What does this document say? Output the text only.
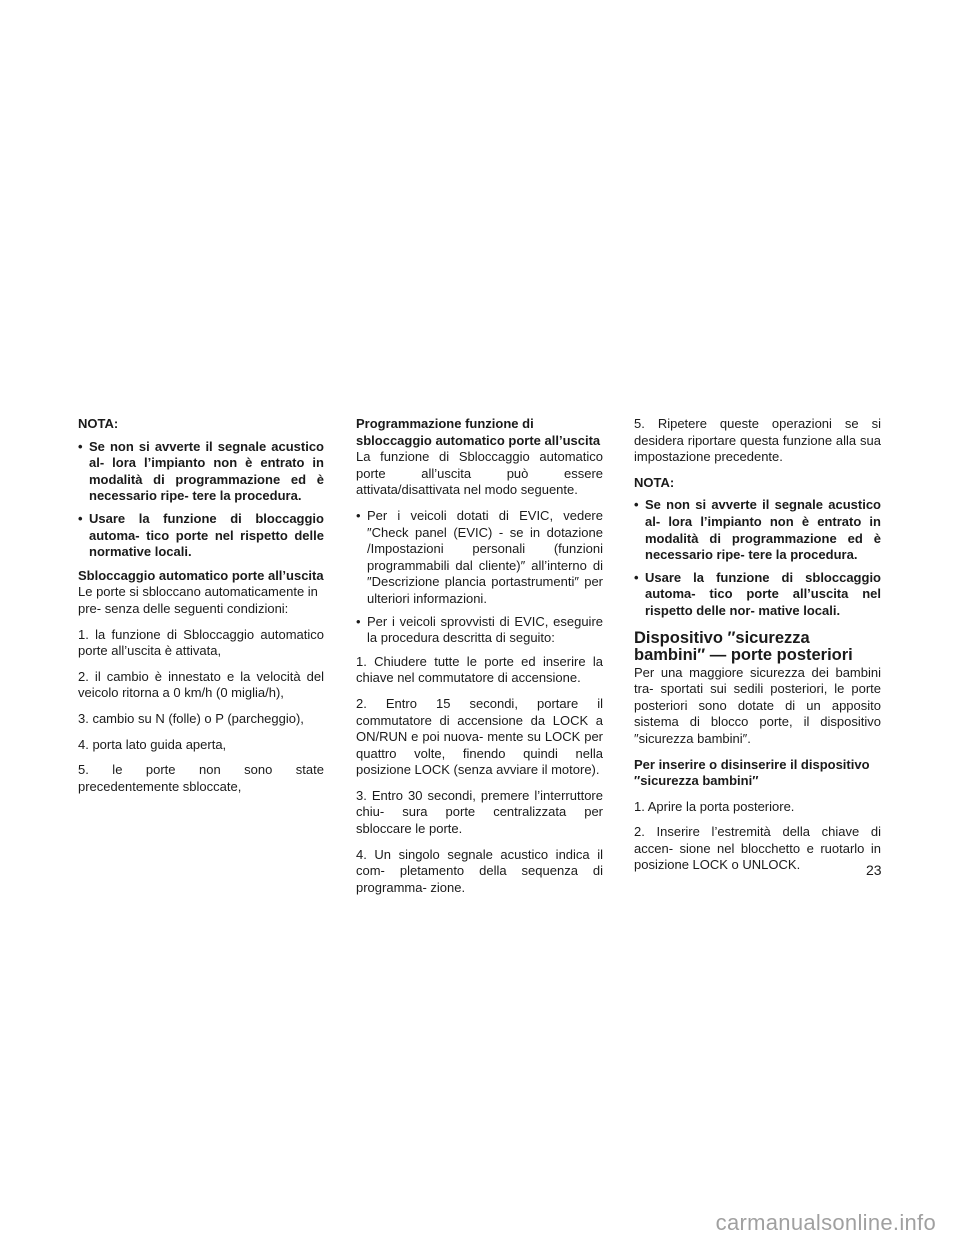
NOTA:

• Se non si avverte il segnale acustico al- lora l’impianto non è entrato in modalità di programmazione ed è necessario ripe- tere la procedura.
• Usare la funzione di bloccaggio automa- tico porte nel rispetto delle normative locali.
Sbloccaggio automatico porte all’uscita

Le porte si sbloccano automaticamente in pre- senza delle seguenti condizioni:

1. la funzione di Sbloccaggio automatico porte all’uscita è attivata,

2. il cambio è innestato e la velocità del veicolo ritorna a 0 km/h (0 miglia/h),

3. cambio su N (folle) o P (parcheggio),

4. porta lato guida aperta,

5. le porte non sono state precedentemente sbloccate,

Programmazione funzione di sbloccaggio automatico porte all’uscita

La funzione di Sbloccaggio automatico porte all’uscita può essere attivata/disattivata nel modo seguente.

• Per i veicoli dotati di EVIC, vedere ″Check panel (EVIC) - se in dotazione /Impostazioni personali (funzioni programmabili dal cliente)″ all’interno di ″Descrizione plancia portastrumenti″ per ulteriori informazioni.
• Per i veicoli sprovvisti di EVIC, eseguire la procedura descritta di seguito:

1. Chiudere tutte le porte ed inserire la chiave nel commutatore di accensione.

2. Entro 15 secondi, portare il commutatore di accensione da LOCK a ON/RUN e poi nuova- mente su LOCK per quattro volte, finendo quindi nella posizione LOCK (senza avviare il motore).

3. Entro 30 secondi, premere l’interruttore chiu- sura porte centralizzata per sbloccare le porte.

4. Un singolo segnale acustico indica il com- pletamento della sequenza di programma- zione.

5. Ripetere queste operazioni se si desidera riportare questa funzione alla sua impostazione precedente.

NOTA:

• Se non si avverte il segnale acustico al- lora l’impianto non è entrato in modalità di programmazione ed è necessario ripe- tere la procedura.
• Usare la funzione di sbloccaggio automa- tico porte all’uscita nel rispetto delle nor- mative locali.
Dispositivo ″sicurezza bambini″ — porte posteriori

Per una maggiore sicurezza dei bambini tra- sportati sui sedili posteriori, le porte posteriori sono dotate di un apposito sistema di blocco porte, il dispositivo ″sicurezza bambini″.

Per inserire o disinserire il dispositivo ″sicurezza bambini″

1. Aprire la porta posteriore.

2. Inserire l’estremità della chiave di accen- sione nel blocchetto e ruotarlo in posizione LOCK o UNLOCK.	23
carmanualsonline.info
